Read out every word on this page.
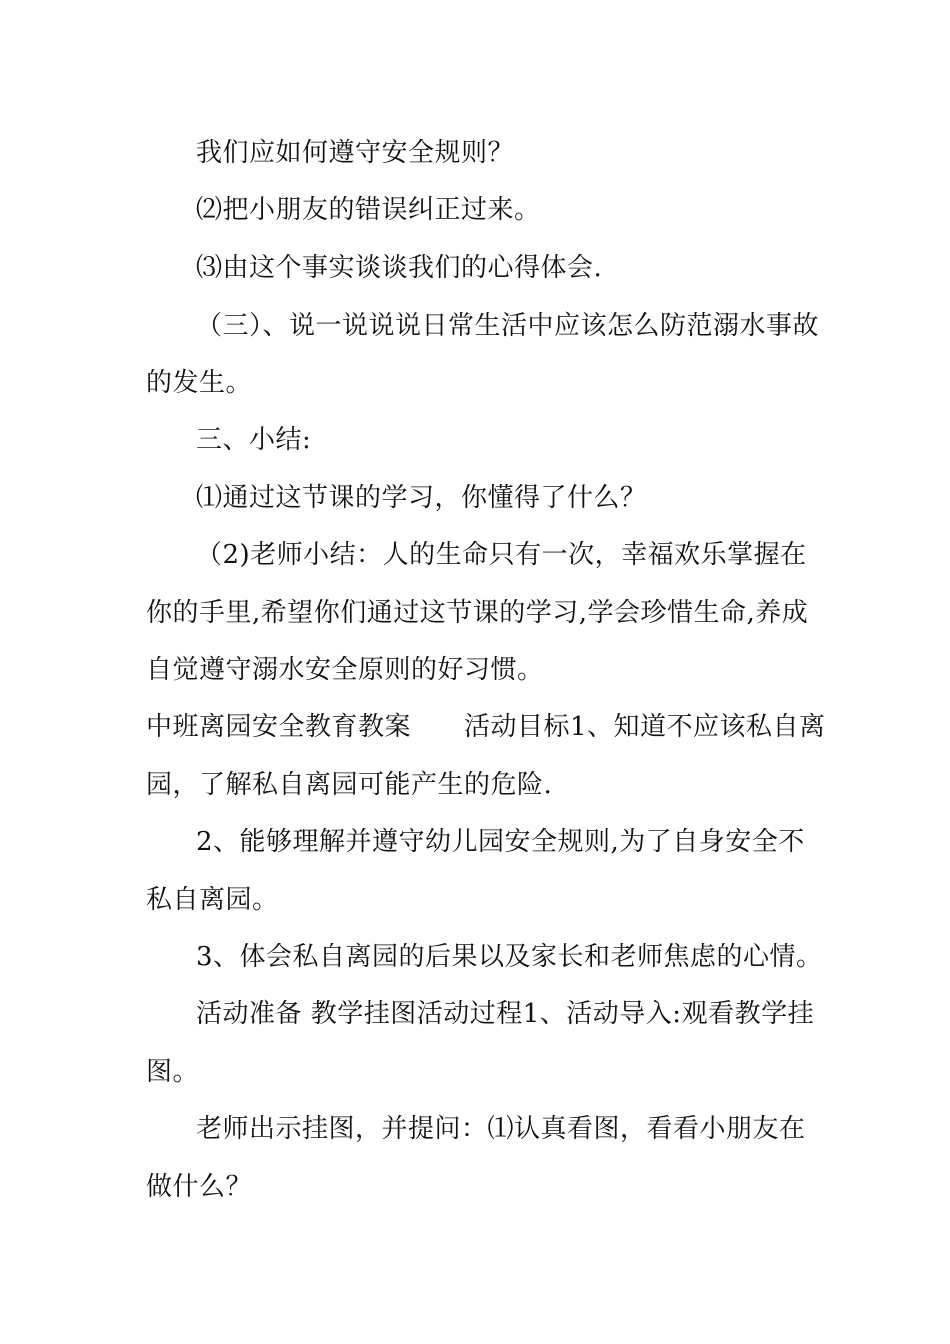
我们应如何遵守安全规则？
⑵把小朋友的错误纠正过来。
⑶由这个事实谈谈我们的心得体会.
（三）、说一说说说日常生活中应该怎么防范溺水事故
的发生。
三、小结:
⑴通过这节课的学习，你懂得了什么？
（2)老师小结：人的生命只有一次，幸福欢乐掌握在
你的手里,希望你们通过这节课的学习,学会珍惜生命,养成
自觉遵守溺水安全原则的好习惯。
中班离园安全教育教案　　活动目标1、知道不应该私自离
园，了解私自离园可能产生的危险.
2、能够理解并遵守幼儿园安全规则,为了自身安全不
私自离园。
3、体会私自离园的后果以及家长和老师焦虑的心情。
活动准备 教学挂图活动过程1、活动导入:观看教学挂
图。
老师出示挂图，并提问：⑴认真看图，看看小朋友在
做什么？
